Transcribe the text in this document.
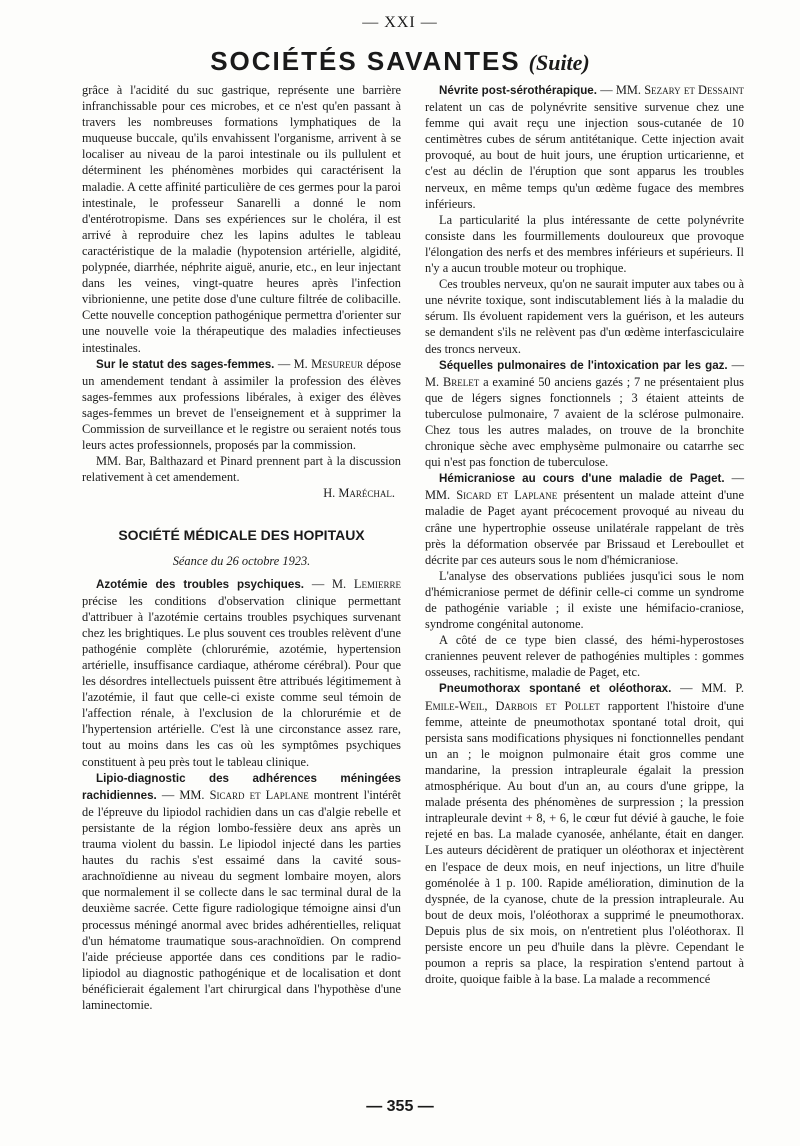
— XXI —
SOCIÉTÉS SAVANTES (Suite)

grâce à l'acidité du suc gastrique, représente une barrière infranchissable pour ces microbes, et ce n'est qu'en passant à travers les nombreuses formations lymphatiques de la muqueuse buccale, qu'ils envahissent l'organisme, arrivent à se localiser au niveau de la paroi intestinale ou ils pullulent et déterminent les phénomènes morbides qui caractérisent la maladie. A cette affinité particulière de ces germes pour la paroi intestinale, le professeur Sanarelli a donné le nom d'entérotropisme. Dans ses expériences sur le choléra, il est arrivé à reproduire chez les lapins adultes le tableau caractéristique de la maladie (hypotension artérielle, algidité, polypnée, diarrhée, néphrite aiguë, anurie, etc., en leur injectant dans les veines, vingt-quatre heures après l'infection vibrionienne, une petite dose d'une culture filtrée de colibacille. Cette nouvelle conception pathogénique permettra d'orienter sur une nouvelle voie la thérapeutique des maladies infectieuses intestinales.

Sur le statut des sages-femmes. — M. Mesureur dépose un amendement tendant à assimiler la profession des élèves sages-femmes aux professions libérales, à exiger des élèves sages-femmes un brevet de l'enseignement et à supprimer la Commission de surveillance et le registre ou seraient notés tous leurs actes professionnels, proposés par la commission.

MM. Bar, Balthazard et Pinard prennent part à la discussion relativement à cet amendement.

H. Maréchal.

SOCIÉTÉ MÉDICALE DES HOPITAUX

Séance du 26 octobre 1923.

Azotémie des troubles psychiques. — M. Lemierre précise les conditions d'observation clinique permettant d'attribuer à l'azotémie certains troubles psychiques survenant chez les brightiques. Le plus souvent ces troubles relèvent d'une pathogénie complète (chlorurémie, azotémie, hypertension artérielle, insuffisance cardiaque, athérome cérébral). Pour que les désordres intellectuels puissent être attribués légitimement à l'azotémie, il faut que celle-ci existe comme seul témoin de l'affection rénale, à l'exclusion de la chlorurémie et de l'hypertension artérielle. C'est là une circonstance assez rare, tout au moins dans les cas où les symptômes psychiques constituent à peu près tout le tableau clinique.

Lipio-diagnostic des adhérences méningées rachidiennes. — MM. Sicard et Laplane montrent l'intérêt de l'épreuve du lipiodol rachidien dans un cas d'algie rebelle et persistante de la région lombo-fessière deux ans après un trauma violent du bassin. Le lipiodol injecté dans les parties hautes du rachis s'est essaimé dans la cavité sous-arachnoïdienne au niveau du segment lombaire moyen, alors que normalement il se collecte dans le sac terminal dural de la deuxième sacrée. Cette figure radiologique témoigne ainsi d'un processus méningé anormal avec brides adhérentielles, reliquat d'un hématome traumatique sous-arachnoïdien. On comprend l'aide précieuse apportée dans ces conditions par le radio-lipiodol au diagnostic pathogénique et de localisation et dont bénéficierait également l'art chirurgical dans l'hypothèse d'une laminectomie.

Névrite post-sérothérapique. — MM. Sezary et Dessaint relatent un cas de polynévrite sensitive survenue chez une femme qui avait reçu une injection sous-cutanée de 10 centimètres cubes de sérum antitétanique. Cette injection avait provoqué, au bout de huit jours, une éruption urticarienne, et c'est au déclin de l'éruption que sont apparus les troubles nerveux, en même temps qu'un œdème fugace des membres inférieurs.

La particularité la plus intéressante de cette polynévrite consiste dans les fourmillements douloureux que provoque l'élongation des nerfs et des membres inférieurs et supérieurs. Il n'y a aucun trouble moteur ou trophique.

Ces troubles nerveux, qu'on ne saurait imputer aux tabes ou à une névrite toxique, sont indiscutablement liés à la maladie du sérum. Ils évoluent rapidement vers la guérison, et les auteurs se demandent s'ils ne relèvent pas d'un œdème interfasciculaire des troncs nerveux.

Séquelles pulmonaires de l'intoxication par les gaz. — M. Brelet a examiné 50 anciens gazés ; 7 ne présentaient plus que de légers signes fonctionnels ; 3 étaient atteints de tuberculose pulmonaire, 7 avaient de la sclérose pulmonaire. Chez tous les autres malades, on trouve de la bronchite chronique sèche avec emphysème pulmonaire ou catarrhe sec qui n'est pas fonction de tuberculose.

Hémicraniose au cours d'une maladie de Paget. — MM. Sicard et Laplane présentent un malade atteint d'une maladie de Paget ayant précocement provoqué au niveau du crâne une hypertrophie osseuse unilatérale rappelant de très près la déformation observée par Brissaud et Lereboullet et décrite par ces auteurs sous le nom d'hémicraniose.

L'analyse des observations publiées jusqu'ici sous le nom d'hémicraniose permet de définir celle-ci comme un syndrome de pathogénie variable ; il existe une hémifacio-craniose, syndrome congénital autonome.

A côté de ce type bien classé, des hémi-hyperostoses craniennes peuvent relever de pathogénies multiples : gommes osseuses, rachitisme, maladie de Paget, etc.

Pneumothorax spontané et oléothorax. — MM. P. Emile-Weil, Darbois et Pollet rapportent l'histoire d'une femme, atteinte de pneumothotax spontané total droit, qui persista sans modifications physiques ni fonctionnelles pendant un an ; le moignon pulmonaire était gros comme une mandarine, la pression intrapleurale égalait la pression atmosphérique. Au bout d'un an, au cours d'une grippe, la malade présenta des phénomènes de surpression ; la pression intrapleurale devint + 8, + 6, le cœur fut dévié à gauche, le foie rejeté en bas. La malade cyanosée, anhélante, était en danger. Les auteurs décidèrent de pratiquer un oléothorax et injectèrent en l'espace de deux mois, en neuf injections, un litre d'huile goménolée à 1 p. 100. Rapide amélioration, diminution de la dyspnée, de la cyanose, chute de la pression intrapleurale. Au bout de deux mois, l'oléothorax a supprimé le pneumothorax. Depuis plus de six mois, on n'entretient plus l'oléothorax. Il persiste encore un peu d'huile dans la plèvre. Cependant le poumon a repris sa place, la respiration s'entend partout à droite, quoique faible à la base. La malade a recommencé

— 355 —
